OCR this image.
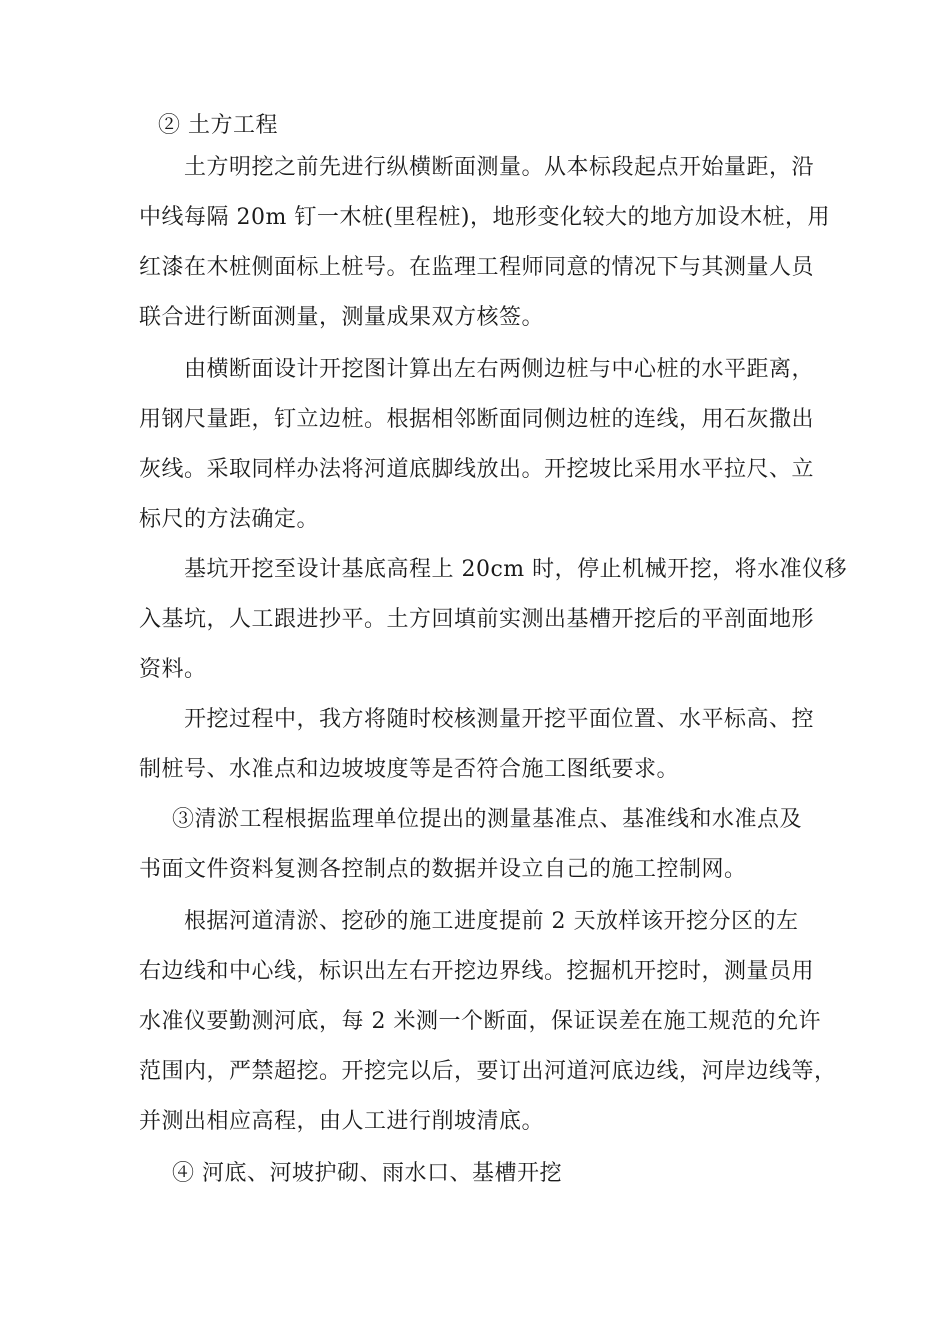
② 土方工程
土方明挖之前先进行纵横断面测量。从本标段起点开始量距，沿
中线每隔 20m 钉一木桩(里程桩)，地形变化较大的地方加设木桩，用
红漆在木桩侧面标上桩号。在监理工程师同意的情况下与其测量人员
联合进行断面测量，测量成果双方核签。
由横断面设计开挖图计算出左右两侧边桩与中心桩的水平距离，
用钢尺量距，钉立边桩。根据相邻断面同侧边桩的连线，用石灰撒出
灰线。采取同样办法将河道底脚线放出。开挖坡比采用水平拉尺、立
标尺的方法确定。
基坑开挖至设计基底高程上 20cm 时，停止机械开挖，将水准仪移
入基坑，人工跟进抄平。土方回填前实测出基槽开挖后的平剖面地形
资料。
开挖过程中，我方将随时校核测量开挖平面位置、水平标高、控
制桩号、水准点和边坡坡度等是否符合施工图纸要求。
③清淤工程根据监理单位提出的测量基准点、基准线和水准点及
书面文件资料复测各控制点的数据并设立自己的施工控制网。
根据河道清淤、挖砂的施工进度提前 2 天放样该开挖分区的左
右边线和中心线，标识出左右开挖边界线。挖掘机开挖时，测量员用
水准仪要勤测河底，每 2 米测一个断面，保证误差在施工规范的允许
范围内，严禁超挖。开挖完以后，要订出河道河底边线，河岸边线等，
并测出相应高程，由人工进行削坡清底。
④ 河底、河坡护砌、雨水口、基槽开挖
